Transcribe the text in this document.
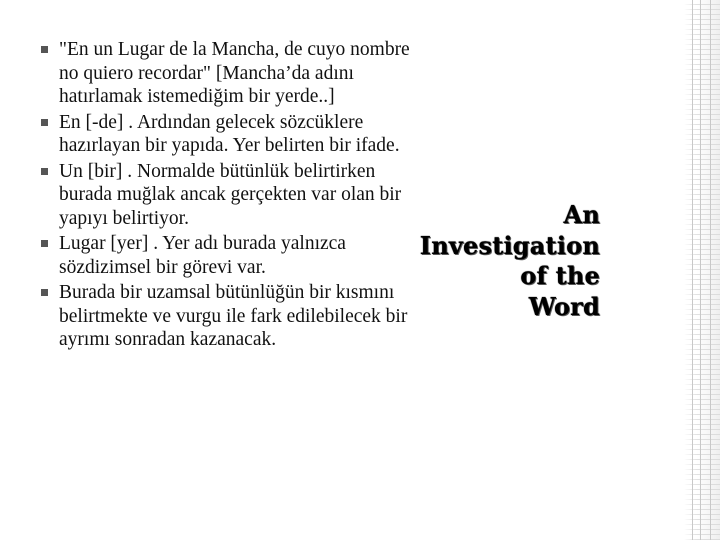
"En un Lugar de la Mancha, de cuyo nombre no quiero recordar" [Mancha’da adını hatırlamak istemediğim bir yerde..]
En [-de] . Ardından gelecek sözcüklere hazırlayan bir yapıda. Yer belirten bir ifade.
Un [bir] . Normalde bütünlük belirtirken burada muğlak ancak gerçekten var olan bir yapıyı belirtiyor.
Lugar [yer] . Yer adı burada yalnızca sözdizimsel bir görevi var.
Burada bir uzamsal bütünlüğün bir kısmını belirtmekte ve vurgu ile fark edilebilecek bir ayrımı sonradan kazanacak.
An
Investigation
of the
Word
